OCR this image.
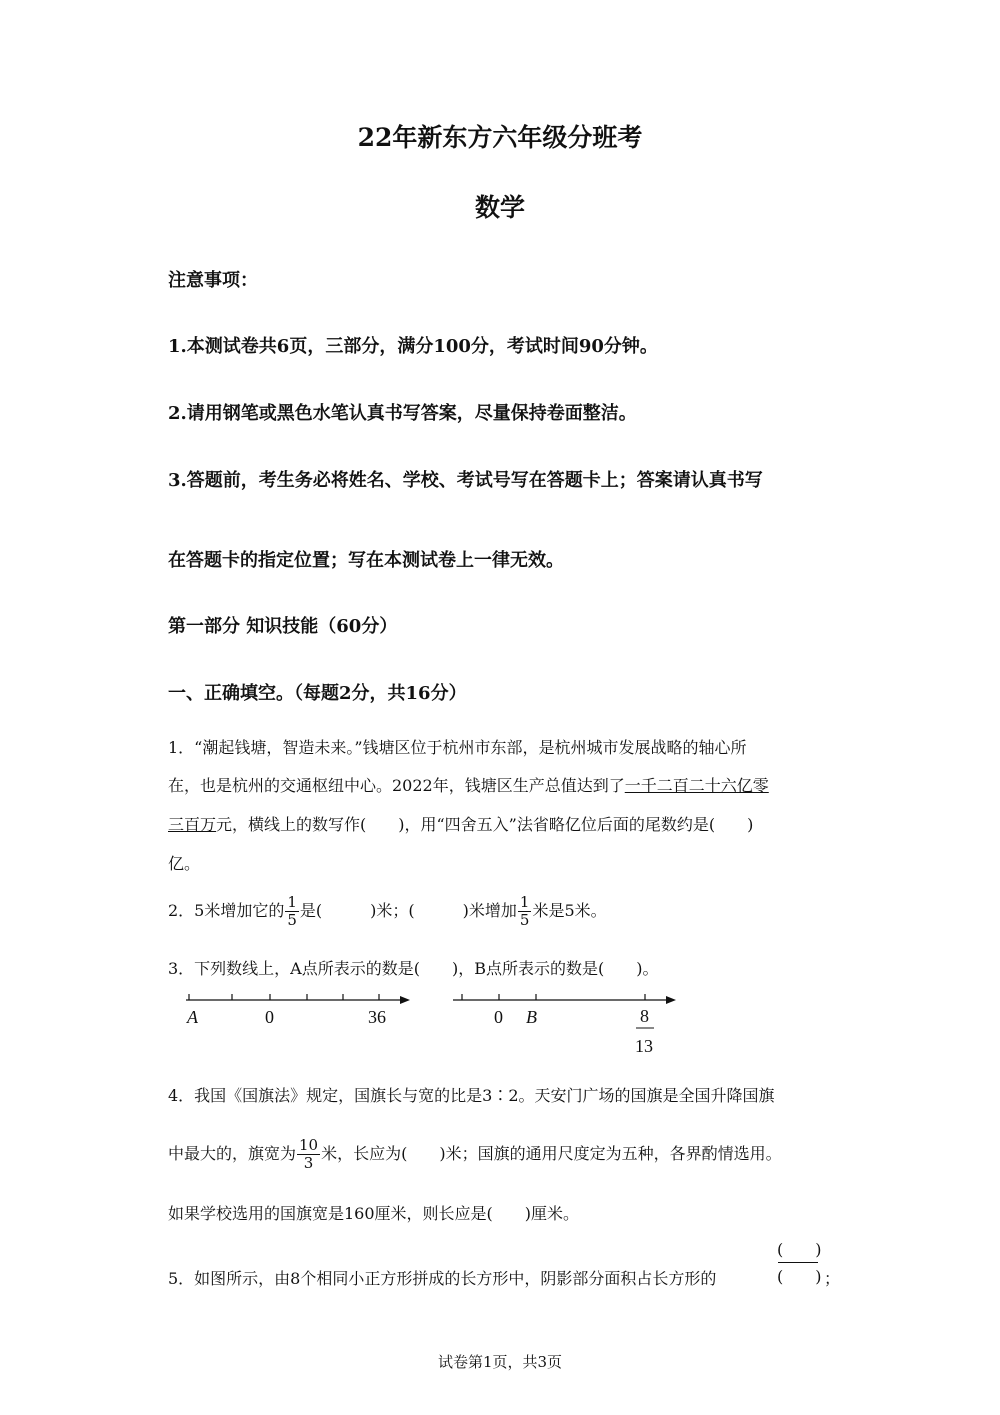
22年新东方六年级分班考
数学
注意事项：
1.本测试卷共6页，三部分，满分100分，考试时间90分钟。
2.请用钢笔或黑色水笔认真书写答案，尽量保持卷面整洁。
3.答题前，考生务必将姓名、学校、考试号写在答题卡上；答案请认真书写
在答题卡的指定位置；写在本测试卷上一律无效。
第一部分 知识技能（60分）
一、正确填空。（每题2分，共16分）
1．“潮起钱塘，智造未来。”钱塘区位于杭州市东部，是杭州城市发展战略的轴心所
在，也是杭州的交通枢纽中心。2022年，钱塘区生产总值达到了一千二百二十六亿零
三百万元，横线上的数写作(　　)，用“四舍五入”法省略亿位后面的尾数约是(　　)
亿。
2．5米增加它的 $\frac{1}{5}$ 是(　　　)米；(　　　)米增加 $\frac{1}{5}$ 米是5米。
3．下列数线上，A点所表示的数是(　　)，B点所表示的数是(　　)。
A	0	36	0 B	8
13
4．我国《国旗法》规定，国旗长与宽的比是3∶2。天安门广场的国旗是全国升降国旗
中最大的，旗宽为 $\frac{10}{3}$ 米，长应为(　　)米；国旗的通用尺度定为五种，各界酌情选用。
如果学校选用的国旗宽是160厘米，则长应是(　　)厘米。
5．如图所示，由8个相同小正方形拼成的长方形中，阴影部分面积占长方形的
(　　)
(　　) ；
试卷第1页，共3页
